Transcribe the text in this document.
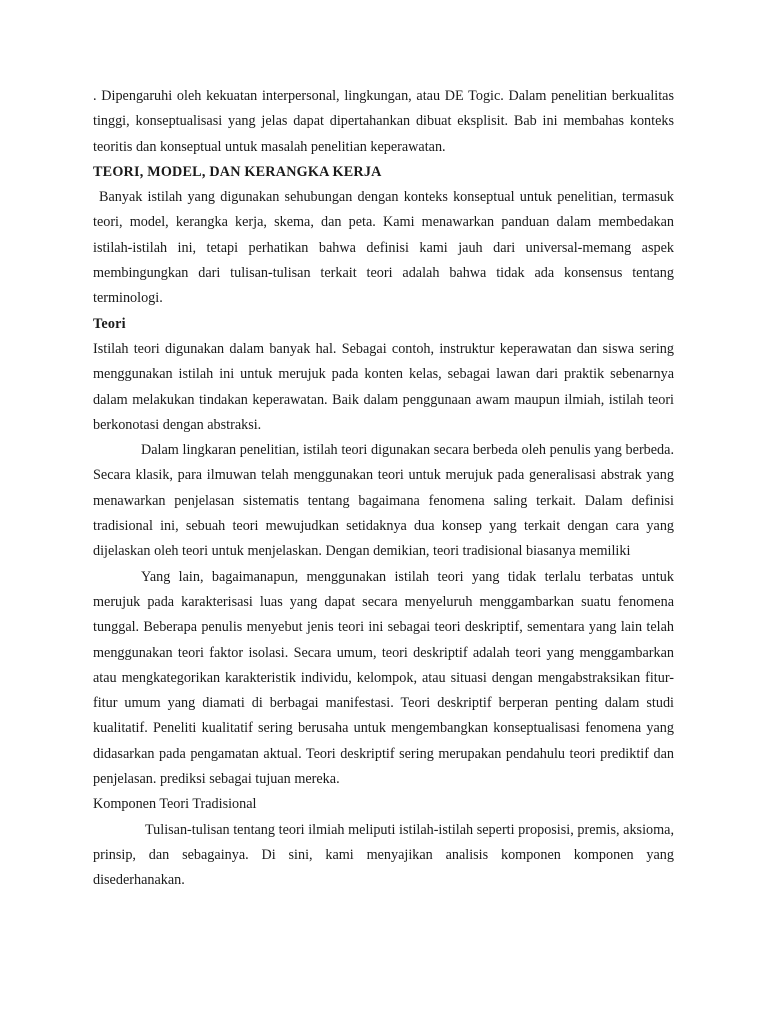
. Dipengaruhi oleh kekuatan interpersonal, lingkungan, atau DE Togic. Dalam penelitian berkualitas tinggi, konseptualisasi yang jelas dapat dipertahankan dibuat eksplisit. Bab ini membahas konteks teoritis dan konseptual untuk masalah penelitian keperawatan.

TEORI, MODEL, DAN KERANGKA KERJA

Banyak istilah yang digunakan sehubungan dengan konteks konseptual untuk penelitian, termasuk teori, model, kerangka kerja, skema, dan peta. Kami menawarkan panduan dalam membedakan istilah-istilah ini, tetapi perhatikan bahwa definisi kami jauh dari universal-memang aspek membingungkan dari tulisan-tulisan terkait teori adalah bahwa tidak ada konsensus tentang terminologi.

Teori

Istilah teori digunakan dalam banyak hal. Sebagai contoh, instruktur keperawatan dan siswa sering menggunakan istilah ini untuk merujuk pada konten kelas, sebagai lawan dari praktik sebenarnya dalam melakukan tindakan keperawatan. Baik dalam penggunaan awam maupun ilmiah, istilah teori berkonotasi dengan abstraksi.

Dalam lingkaran penelitian, istilah teori digunakan secara berbeda oleh penulis yang berbeda. Secara klasik, para ilmuwan telah menggunakan teori untuk merujuk pada generalisasi abstrak yang menawarkan penjelasan sistematis tentang bagaimana fenomena saling terkait. Dalam definisi tradisional ini, sebuah teori mewujudkan setidaknya dua konsep yang terkait dengan cara yang dijelaskan oleh teori untuk menjelaskan. Dengan demikian, teori tradisional biasanya memiliki

Yang lain, bagaimanapun, menggunakan istilah teori yang tidak terlalu terbatas untuk merujuk pada karakterisasi luas yang dapat secara menyeluruh menggambarkan suatu fenomena tunggal. Beberapa penulis menyebut jenis teori ini sebagai teori deskriptif, sementara yang lain telah menggunakan teori faktor isolasi. Secara umum, teori deskriptif adalah teori yang menggambarkan atau mengkategorikan karakteristik individu, kelompok, atau situasi dengan mengabstraksikan fitur-fitur umum yang diamati di berbagai manifestasi. Teori deskriptif berperan penting dalam studi kualitatif. Peneliti kualitatif sering berusaha untuk mengembangkan konseptualisasi fenomena yang didasarkan pada pengamatan aktual. Teori deskriptif sering merupakan pendahulu teori prediktif dan penjelasan. prediksi sebagai tujuan mereka.

Komponen Teori Tradisional

Tulisan-tulisan tentang teori ilmiah meliputi istilah-istilah seperti proposisi, premis, aksioma, prinsip, dan sebagainya. Di sini, kami menyajikan analisis komponen komponen yang disederhanakan.
